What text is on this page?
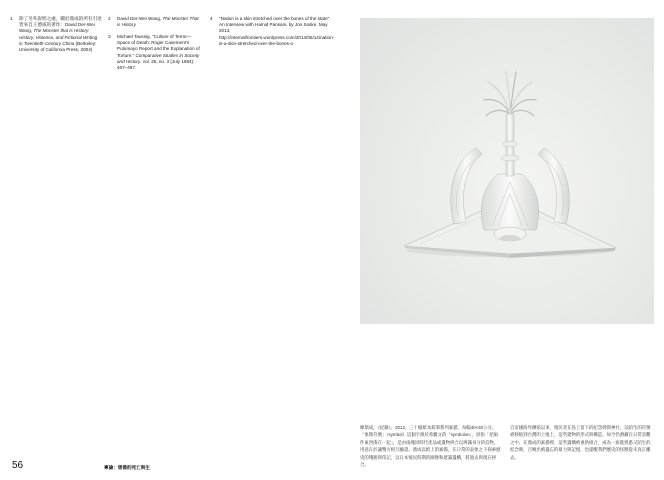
1	除了另外說明之處，關於鼎成的所有引述皆來自王德威的著作：David Der-Wei Wang, The Monster that is History: History, Violence, and Fictional Writing in Twentieth-Century China (Berkeley: University of California Press, 2004)
2	David Der-Wei Wang, The Monster That is History
3	Michael Taussig, "Culture of Terror—Space of Death: Roger Casement's Putumayo Report and the Explanation of Torture," Comparative Studies in Society and History, vol. 26, no. 3 (July 1984): 467–497.
4	"Nation is a skin stretched over the bones of the state": An Interview with Hamid Pansani, by Jon Soske, May 2013, http://internalfrontiers.wordpress.com/2013/05/14/nation-is-a-skin-stretched-over-the-bones-o
陳鼎成，《紀錄》，2012，三十幅紙本鉛筆系列素描，每幅40×40公分。「象徵符號」（symbol）這個字源於希臘文的「symbolon」，原指「把兩件東西湊在一起」，是由兩塊同時代產品或遺物拼合以辨識身分的信物，用意在於讓雙方相互驗證。鼎成以紙上的素描，在日常的表象之下探索歷史的殘跡與印記，以日本殖民時期的圖像和建築遺構，將過去與現在拼合。
自帝國海外擴張以來，殖民者在島上留下的紀念碑與神社，以陌生的符號被移植到台灣的土地上，這些建物的形式與構造，如今仍潛藏在日常景觀之中。在鼎成的素描裡，這些遺構被重新組合，成為一座既熟悉又陌生的紀念碑，召喚出被遺忘的暴力與記憶，也提醒我們歷史的怪獸從未真正離去。
56	專論：想像的死亡與生
